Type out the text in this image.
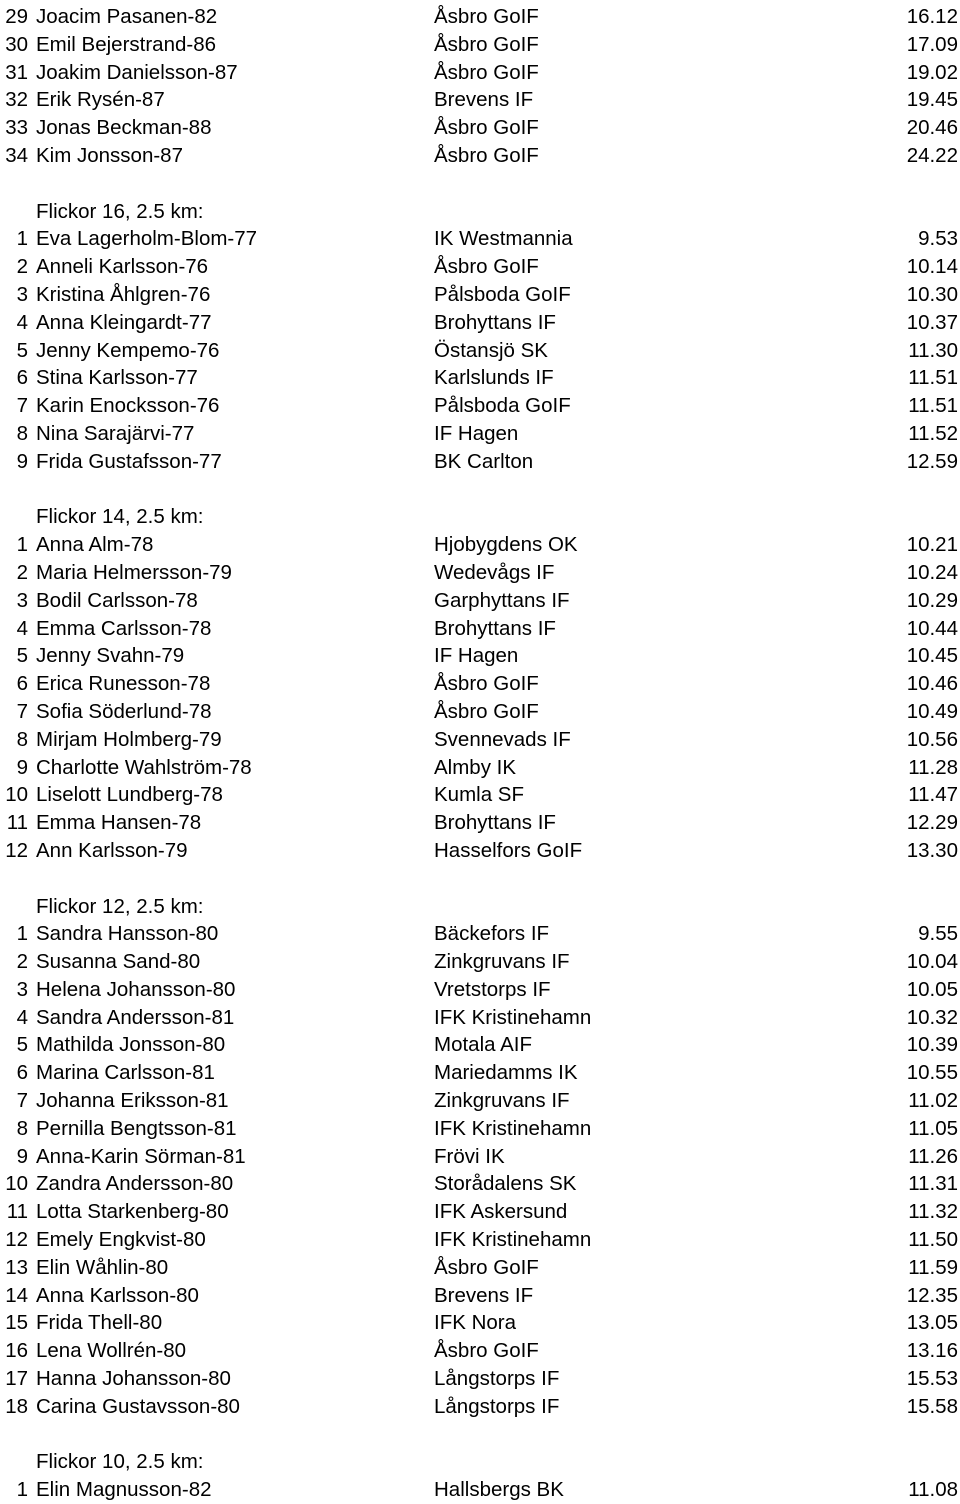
29 Joacim Pasanen-82	Åsbro GoIF	16.12
30 Emil Bejerstrand-86	Åsbro GoIF	17.09
31 Joakim Danielsson-87	Åsbro GoIF	19.02
32 Erik Rysén-87	Brevens IF	19.45
33 Jonas Beckman-88	Åsbro GoIF	20.46
34 Kim Jonsson-87	Åsbro GoIF	24.22
Flickor 16, 2.5 km:
1 Eva Lagerholm-Blom-77	IK Westmannia	9.53
2 Anneli Karlsson-76	Åsbro GoIF	10.14
3 Kristina Åhlgren-76	Pålsboda GoIF	10.30
4 Anna Kleingardt-77	Brohyttans IF	10.37
5 Jenny Kempemo-76	Östansjö SK	11.30
6 Stina Karlsson-77	Karlslunds IF	11.51
7 Karin Enocksson-76	Pålsboda GoIF	11.51
8 Nina Sarajärvi-77	IF Hagen	11.52
9 Frida Gustafsson-77	BK Carlton	12.59
Flickor 14, 2.5 km:
1 Anna Alm-78	Hjobygdens OK	10.21
2 Maria Helmersson-79	Wedevågs IF	10.24
3 Bodil Carlsson-78	Garphyttans IF	10.29
4 Emma Carlsson-78	Brohyttans IF	10.44
5 Jenny Svahn-79	IF Hagen	10.45
6 Erica Runesson-78	Åsbro GoIF	10.46
7 Sofia Söderlund-78	Åsbro GoIF	10.49
8 Mirjam Holmberg-79	Svennevads IF	10.56
9 Charlotte Wahlström-78	Almby IK	11.28
10 Liselott Lundberg-78	Kumla SF	11.47
11 Emma Hansen-78	Brohyttans IF	12.29
12 Ann Karlsson-79	Hasselfors GoIF	13.30
Flickor 12, 2.5 km:
1 Sandra Hansson-80	Bäckefors IF	9.55
2 Susanna Sand-80	Zinkgruvans IF	10.04
3 Helena Johansson-80	Vretstorps IF	10.05
4 Sandra Andersson-81	IFK Kristinehamn	10.32
5 Mathilda Jonsson-80	Motala AIF	10.39
6 Marina Carlsson-81	Mariedamms IK	10.55
7 Johanna Eriksson-81	Zinkgruvans IF	11.02
8 Pernilla Bengtsson-81	IFK Kristinehamn	11.05
9 Anna-Karin Sörman-81	Frövi IK	11.26
10 Zandra Andersson-80	Storådalens SK	11.31
11 Lotta Starkenberg-80	IFK Askersund	11.32
12 Emely Engkvist-80	IFK Kristinehamn	11.50
13 Elin Wåhlin-80	Åsbro GoIF	11.59
14 Anna Karlsson-80	Brevens IF	12.35
15 Frida Thell-80	IFK Nora	13.05
16 Lena Wollrén-80	Åsbro GoIF	13.16
17 Hanna Johansson-80	Långstorps IF	15.53
18 Carina Gustavsson-80	Långstorps IF	15.58
Flickor 10, 2.5 km:
1 Elin Magnusson-82	Hallsbergs BK	11.08
